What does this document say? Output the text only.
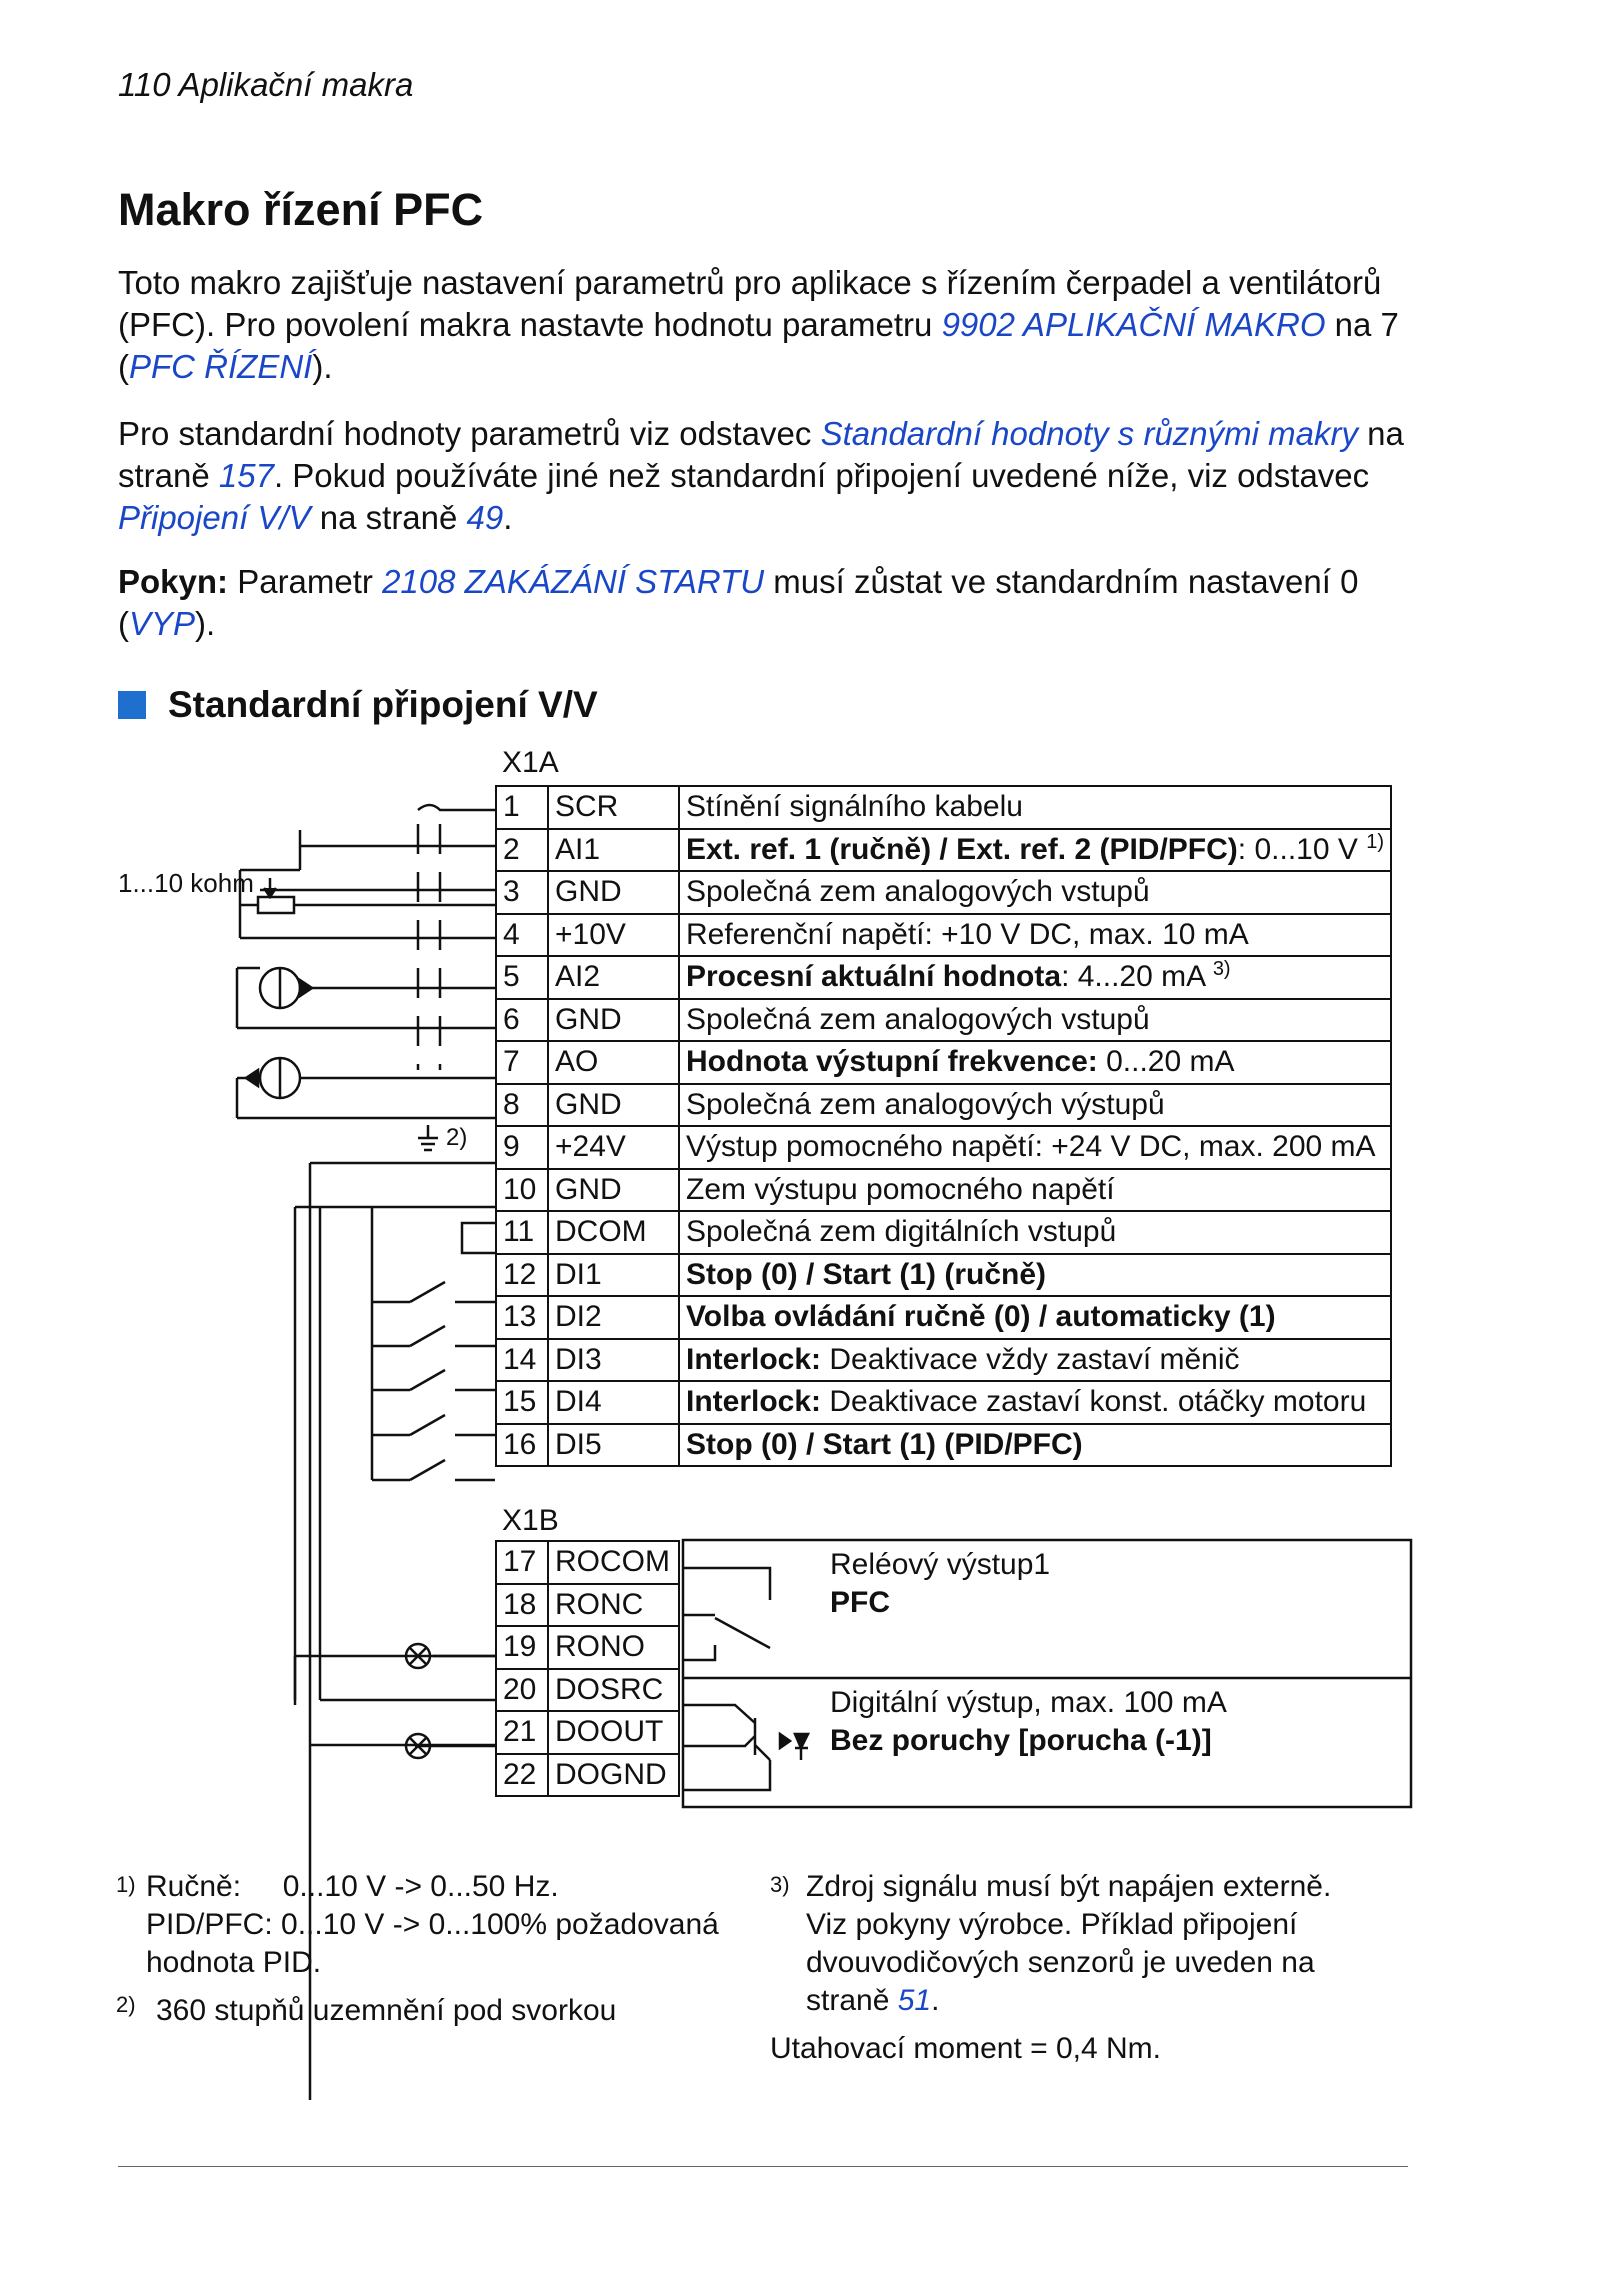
110 Aplikační makra
Makro řízení PFC
Toto makro zajišťuje nastavení parametrů pro aplikace s řízením čerpadel a ventilátorů (PFC). Pro povolení makra nastavte hodnotu parametru 9902 APLIKAČNÍ MAKRO na 7 (PFC ŘÍZENÍ).
Pro standardní hodnoty parametrů viz odstavec Standardní hodnoty s různými makry na straně 157. Pokud používáte jiné než standardní připojení uvedené níže, viz odstavec Připojení V/V na straně 49.
Pokyn: Parametr 2108 ZAKÁZÁNÍ STARTU musí zůstat ve standardním nastavení 0 (VYP).
Standardní připojení V/V
X1A
1...10 kohm
2)
1	SCR	Stínění signálního kabelu
2	AI1	Ext. ref. 1 (ručně) / Ext. ref. 2 (PID/PFC): 0...10 V $^{1)}$
3	GND	Společná zem analogových vstupů
4	+10V	Referenční napětí: +10 V DC, max. 10 mA
5	AI2	Procesní aktuální hodnota: 4...20 mA $^{3)}$
6	GND	Společná zem analogových vstupů
7	AO	Hodnota výstupní frekvence: 0...20 mA
8	GND	Společná zem analogových výstupů
9	+24V	Výstup pomocného napětí: +24 V DC, max. 200 mA
10	GND	Zem výstupu pomocného napětí
11	DCOM	Společná zem digitálních vstupů
12	DI1	Stop (0) / Start (1) (ručně)
13	DI2	Volba ovládání ručně (0) / automaticky (1)
14	DI3	Interlock: Deaktivace vždy zastaví měnič
15	DI4	Interlock: Deaktivace zastaví konst. otáčky motoru
16	DI5	Stop (0) / Start (1) (PID/PFC)
X1B
17	ROCOM
18	RONC
19	RONO
20	DOSRC
21	DOOUT
22	DOGND
Reléový výstup1
PFC
Digitální výstup, max. 100 mA
Bez poruchy [porucha (-1)]
1) Ručně:     0...10 V -> 0...50 Hz.
PID/PFC: 0...10 V -> 0...100% požadovaná
hodnota PID.
2) 360 stupňů uzemnění pod svorkou
3) Zdroj signálu musí být napájen externě.
Viz pokyny výrobce. Příklad připojení
dvouvodičových senzorů je uveden na
straně 51.
Utahovací moment = 0,4 Nm.
